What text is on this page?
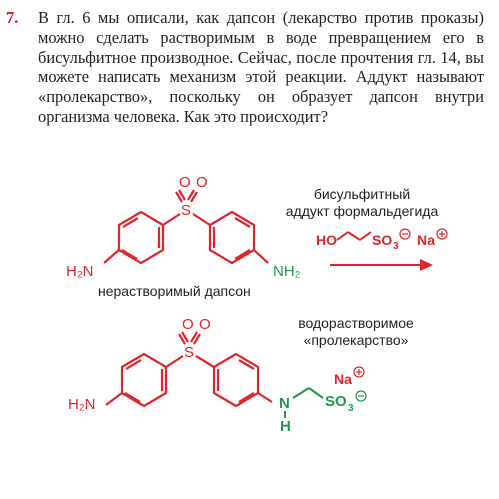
7.	В гл. 6 мы описали, как дапсон (лекарство против проказы) можно сделать растворимым в воде превращением его в бисульфитное производное. Сейчас, после прочтения гл. 14, вы можете написать механизм этой реакции. Аддукт называют «пролекарство», поскольку он образует дапсон внутри организма человека. Как это происходит?

O O
S
H₂N	NH₂
нерастворимый дапсон
бисульфитный
аддукт формальдегида
HO	SO 3 Na
O O
S
H₂N	N
H
SO 3
Na
водорастворимое
«пролекарство»
